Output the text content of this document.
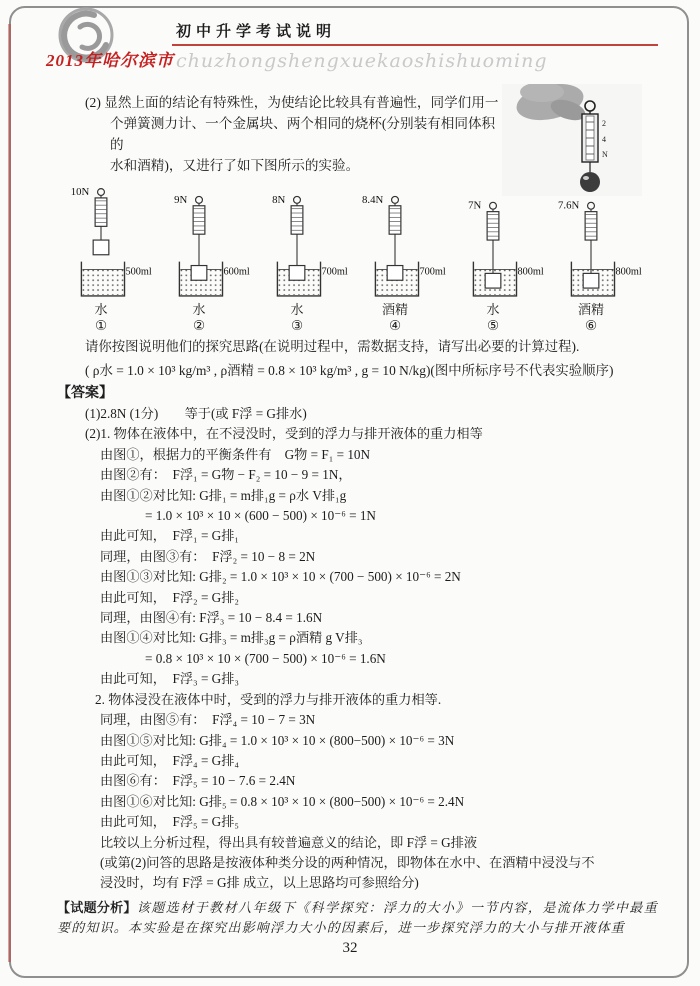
初中升学考试说明
2013年哈尔滨市 chuzhongshengxuekaoshishuoming
2
4
N
(2) 显然上面的结论有特殊性，为使结论比较具有普遍性，同学们用一
个弹簧测力计、一个金属块、两个相同的烧杯(分别装有相同体积的
水和酒精)，又进行了如下图所示的实验。
10N
500ml
水
①
9N
600ml
水
②
8N
700ml
水
③
8.4N
700ml
酒精
④
7N
800ml
水
⑤
7.6N
800ml
酒精
⑥
请你按图说明他们的探究思路(在说明过程中，需数据支持，请写出必要的计算过程).
( ρ水 = 1.0 × 10³ kg/m³ , ρ酒精 = 0.8 × 10³ kg/m³ , g = 10 N/kg)(图中所标序号不代表实验顺序)
【答案】
(1)2.8N (1分)　　等于(或 F浮 = G排水)
(2)1. 物体在液体中，在不浸没时，受到的浮力与排开液体的重力相等
由图①，根据力的平衡条件有　G物 = F₁ = 10N
由图②有：　F浮₁ = G物 − F₂ = 10 − 9 = 1N，
由图①②对比知: G排₁ = m排₁g = ρ水 V排₁g
= 1.0 × 10³ × 10 × (600 − 500) × 10⁻⁶ = 1N
由此可知，　F浮₁ = G排₁
同理，由图③有：　F浮₂ = 10 − 8 = 2N
由图①③对比知: G排₂ = 1.0 × 10³ × 10 × (700 − 500) × 10⁻⁶ = 2N
由此可知，　F浮₂ = G排₂
同理，由图④有: F浮₃ = 10 − 8.4 = 1.6N
由图①④对比知: G排₃ = m排₃g = ρ酒精 g V排₃
= 0.8 × 10³ × 10 × (700 − 500) × 10⁻⁶ = 1.6N
由此可知，　F浮₃ = G排₃
2. 物体浸没在液体中时，受到的浮力与排开液体的重力相等.
同理，由图⑤有：　F浮₄ = 10 − 7 = 3N
由图①⑤对比知: G排₄ = 1.0 × 10³ × 10 × (800−500) × 10⁻⁶ = 3N
由此可知，　F浮₄ = G排₄
由图⑥有：　F浮₅ = 10 − 7.6 = 2.4N
由图①⑥对比知: G排₅ = 0.8 × 10³ × 10 × (800−500) × 10⁻⁶ = 2.4N
由此可知，　F浮₅ = G排₅
比较以上分析过程，得出具有较普遍意义的结论，即 F浮 = G排液
(或第(2)问答的思路是按液体种类分设的两种情况，即物体在水中、在酒精中浸没与不
浸没时，均有 F浮 = G排 成立，以上思路均可参照给分)
【试题分析】该题选材于教材八年级下《科学探究：浮力的大小》一节内容，是流体力学中最重要的知识。本实验是在探究出影响浮力大小的因素后，进一步探究浮力的大小与排开液体重
32
